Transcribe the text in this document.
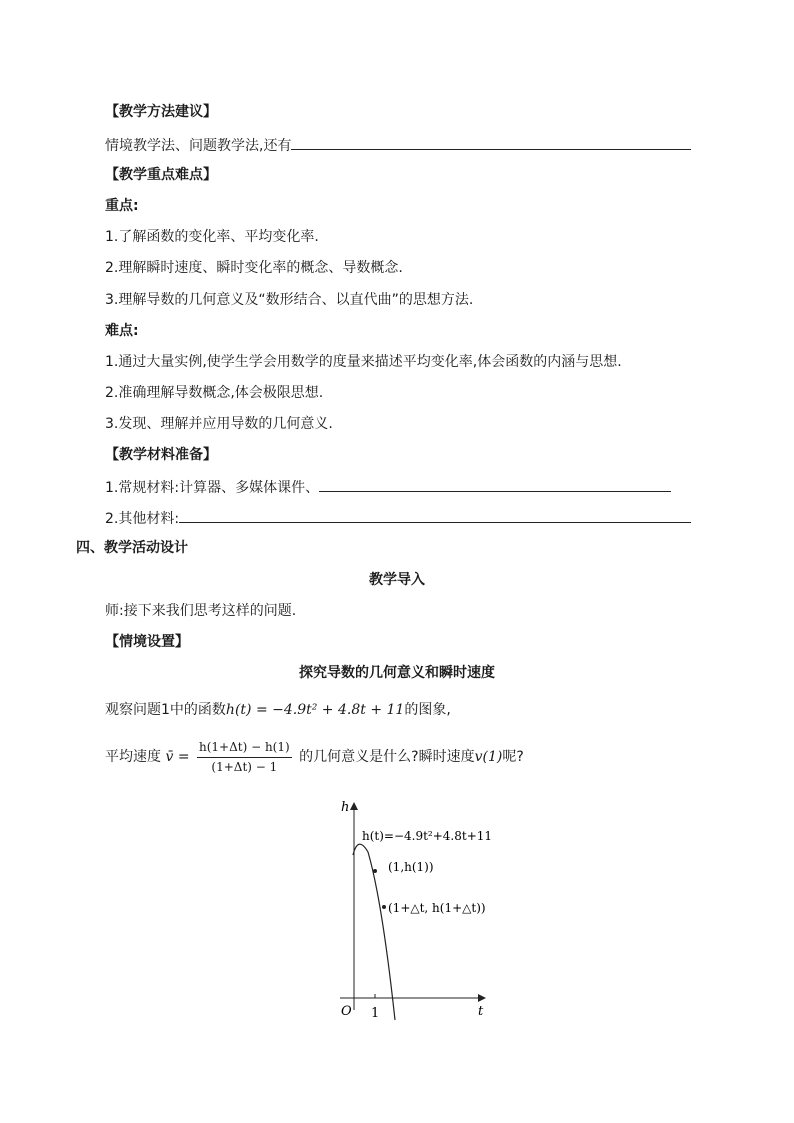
【教学方法建议】
情境教学法、问题教学法,还有
【教学重点难点】
重点:
1.了解函数的变化率、平均变化率.
2.理解瞬时速度、瞬时变化率的概念、导数概念.
3.理解导数的几何意义及“数形结合、以直代曲”的思想方法.
难点:
1.通过大量实例,使学生学会用数学的度量来描述平均变化率,体会函数的内涵与思想.
2.准确理解导数概念,体会极限思想.
3.发现、理解并应用导数的几何意义.
【教学材料准备】
1.常规材料:计算器、多媒体课件、
2.其他材料:
四、教学活动设计
教学导入
师:接下来我们思考这样的问题.
【情境设置】
探究导数的几何意义和瞬时速度
观察问题1中的函数h(t) = −4.9t² + 4.8t + 11的图象,
平均速度 v̄ = $\frac{h(1+\Delta t) - h(1)}{(1+\Delta t) - 1}$ 的几何意义是什么?瞬时速度v(1)呢?
h
t
O 1
h(t)=−4.9t²+4.8t+11
(1,h(1))
(1+△t, h(1+△t))
